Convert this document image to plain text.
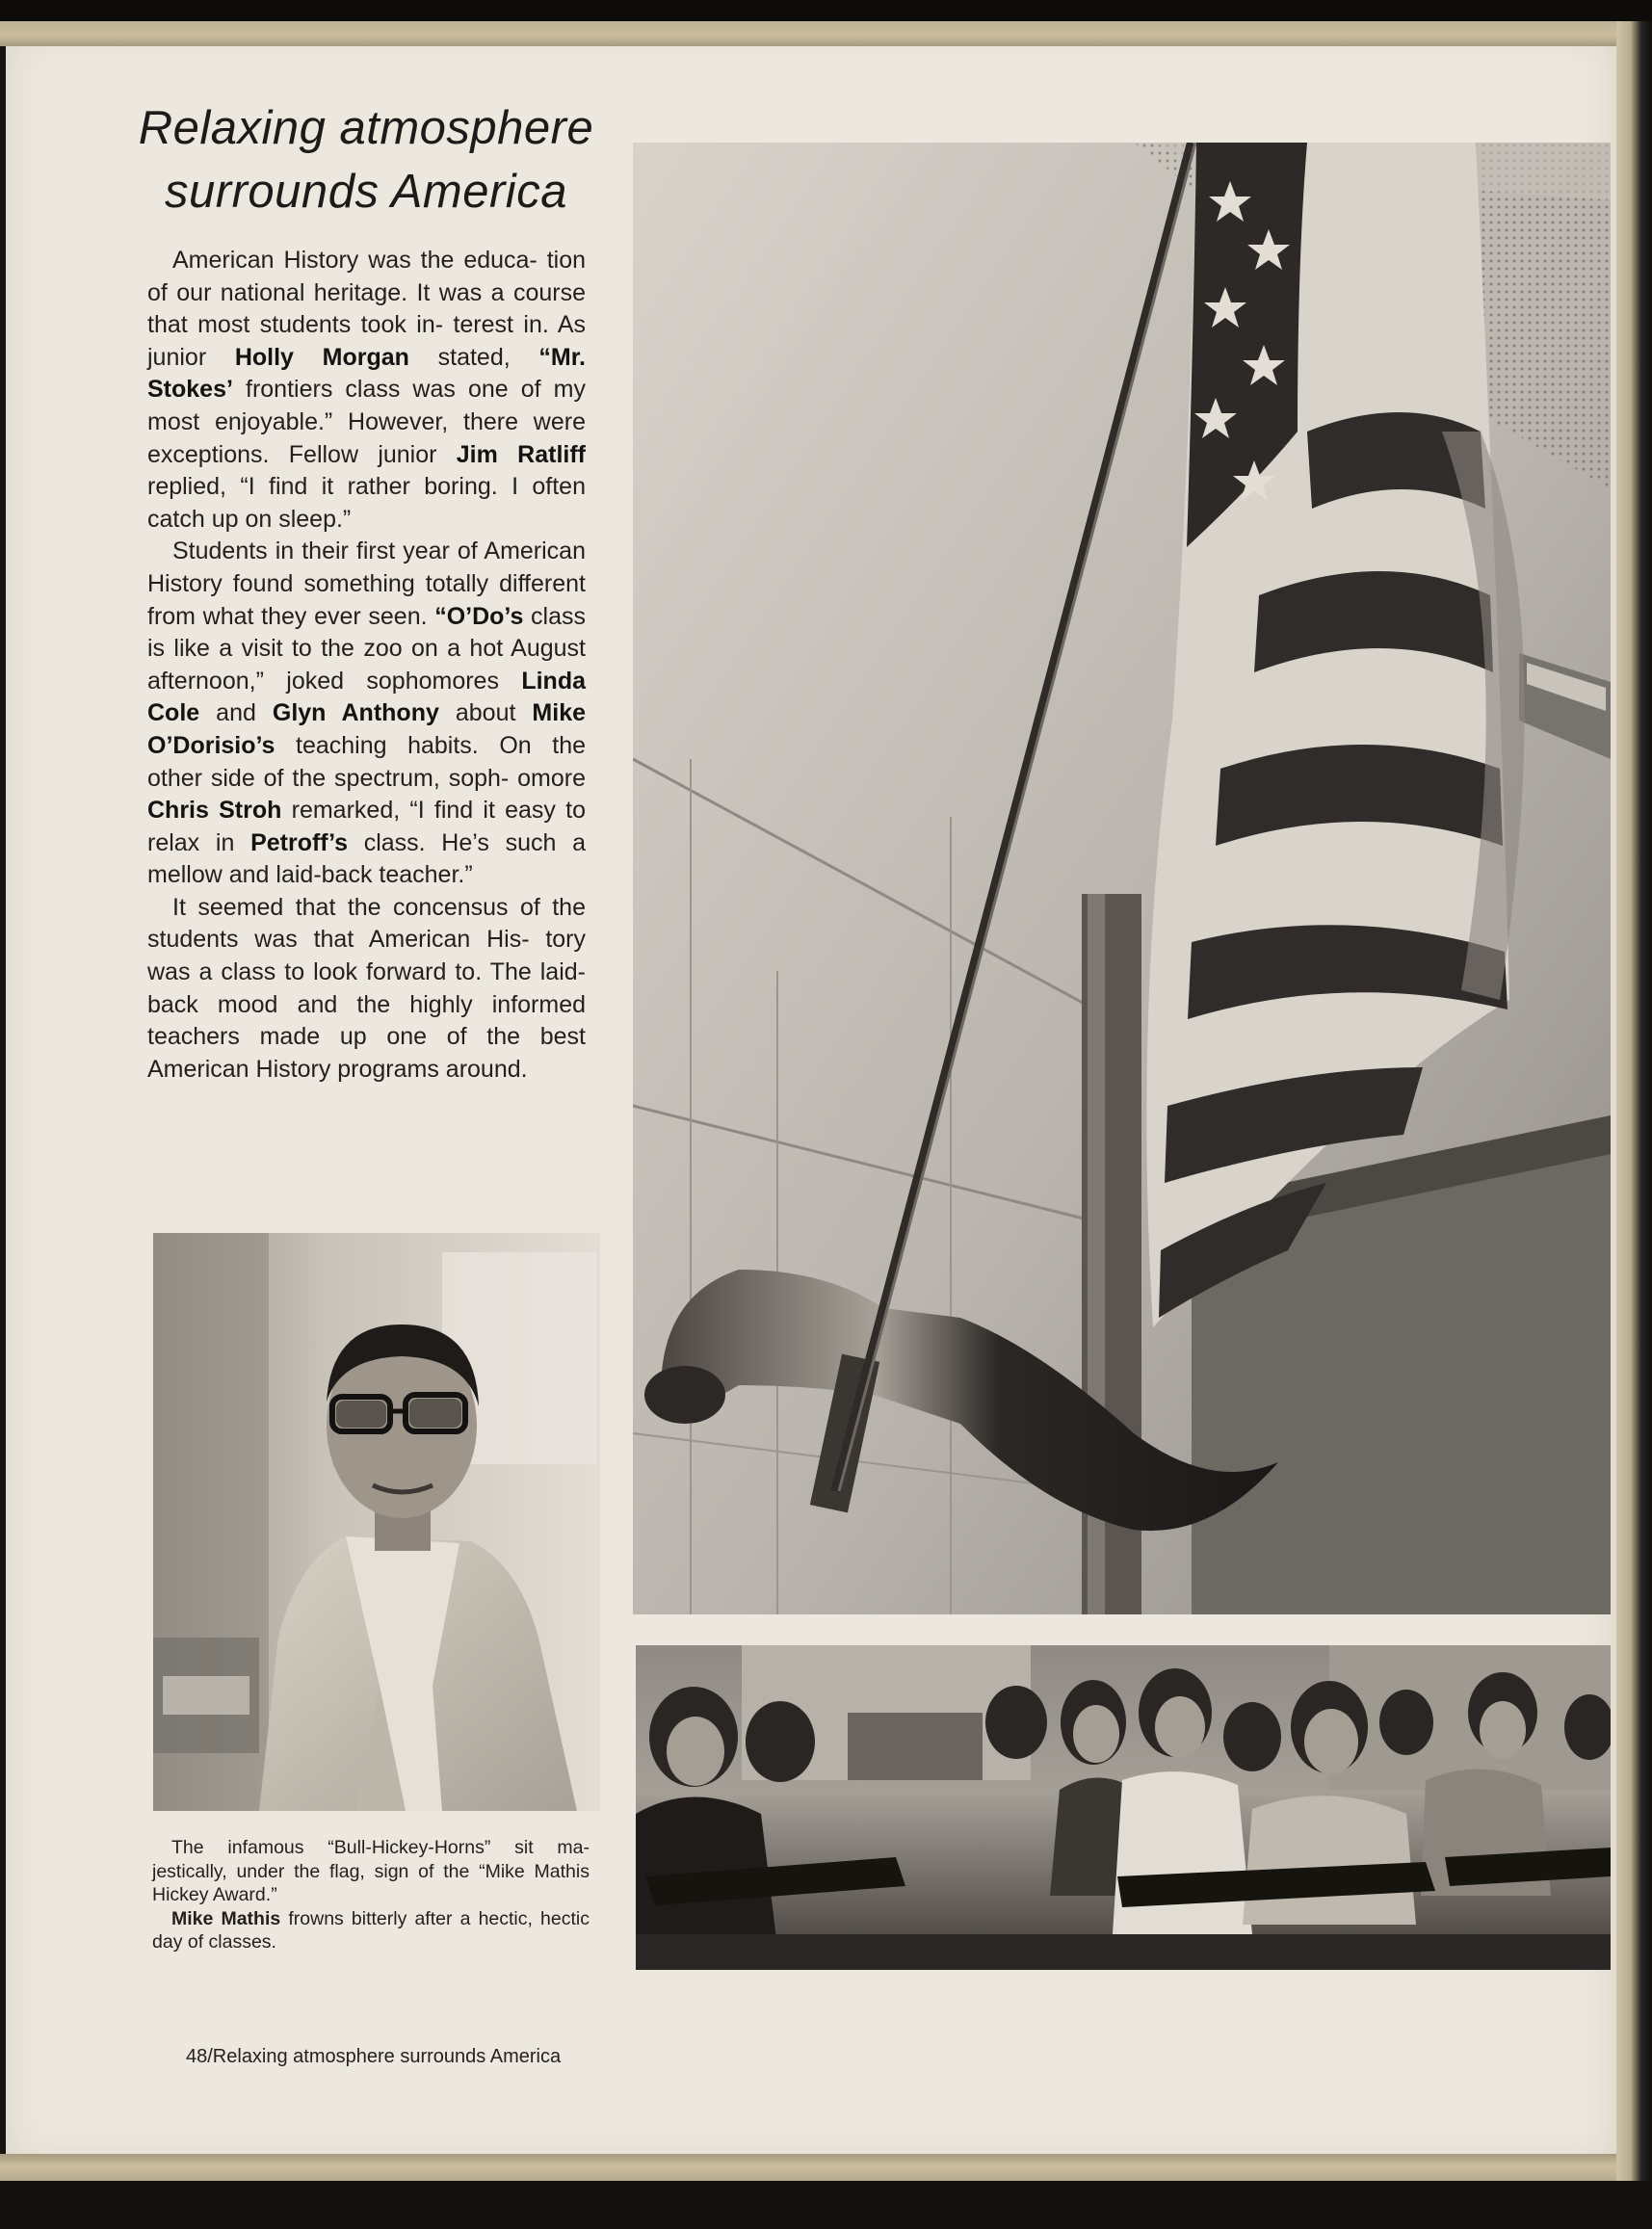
Relaxing atmosphere
surrounds America

American History was the educa- tion of our national heritage. It was a course that most students took in- terest in. As junior Holly Morgan stated, “Mr. Stokes’ frontiers class was one of my most enjoyable.” However, there were exceptions. Fellow junior Jim Ratliff replied, “I find it rather boring. I often catch up on sleep.”

Students in their first year of American History found something totally different from what they ever seen. “O’Do’s class is like a visit to the zoo on a hot August afternoon,” joked sophomores Linda Cole and Glyn Anthony about Mike O’Dorisio’s teaching habits. On the other side of the spectrum, soph- omore Chris Stroh remarked, “I find it easy to relax in Petroff’s class. He’s such a mellow and laid-back teacher.”

It seemed that the concensus of the students was that American His- tory was a class to look forward to. The laid-back mood and the highly informed teachers made up one of the best American History programs around.

The infamous “Bull-Hickey-Horns” sit ma- jestically, under the flag, sign of the “Mike Mathis Hickey Award.”

Mike Mathis frowns bitterly after a hectic, hectic day of classes.

48/Relaxing atmosphere surrounds America
